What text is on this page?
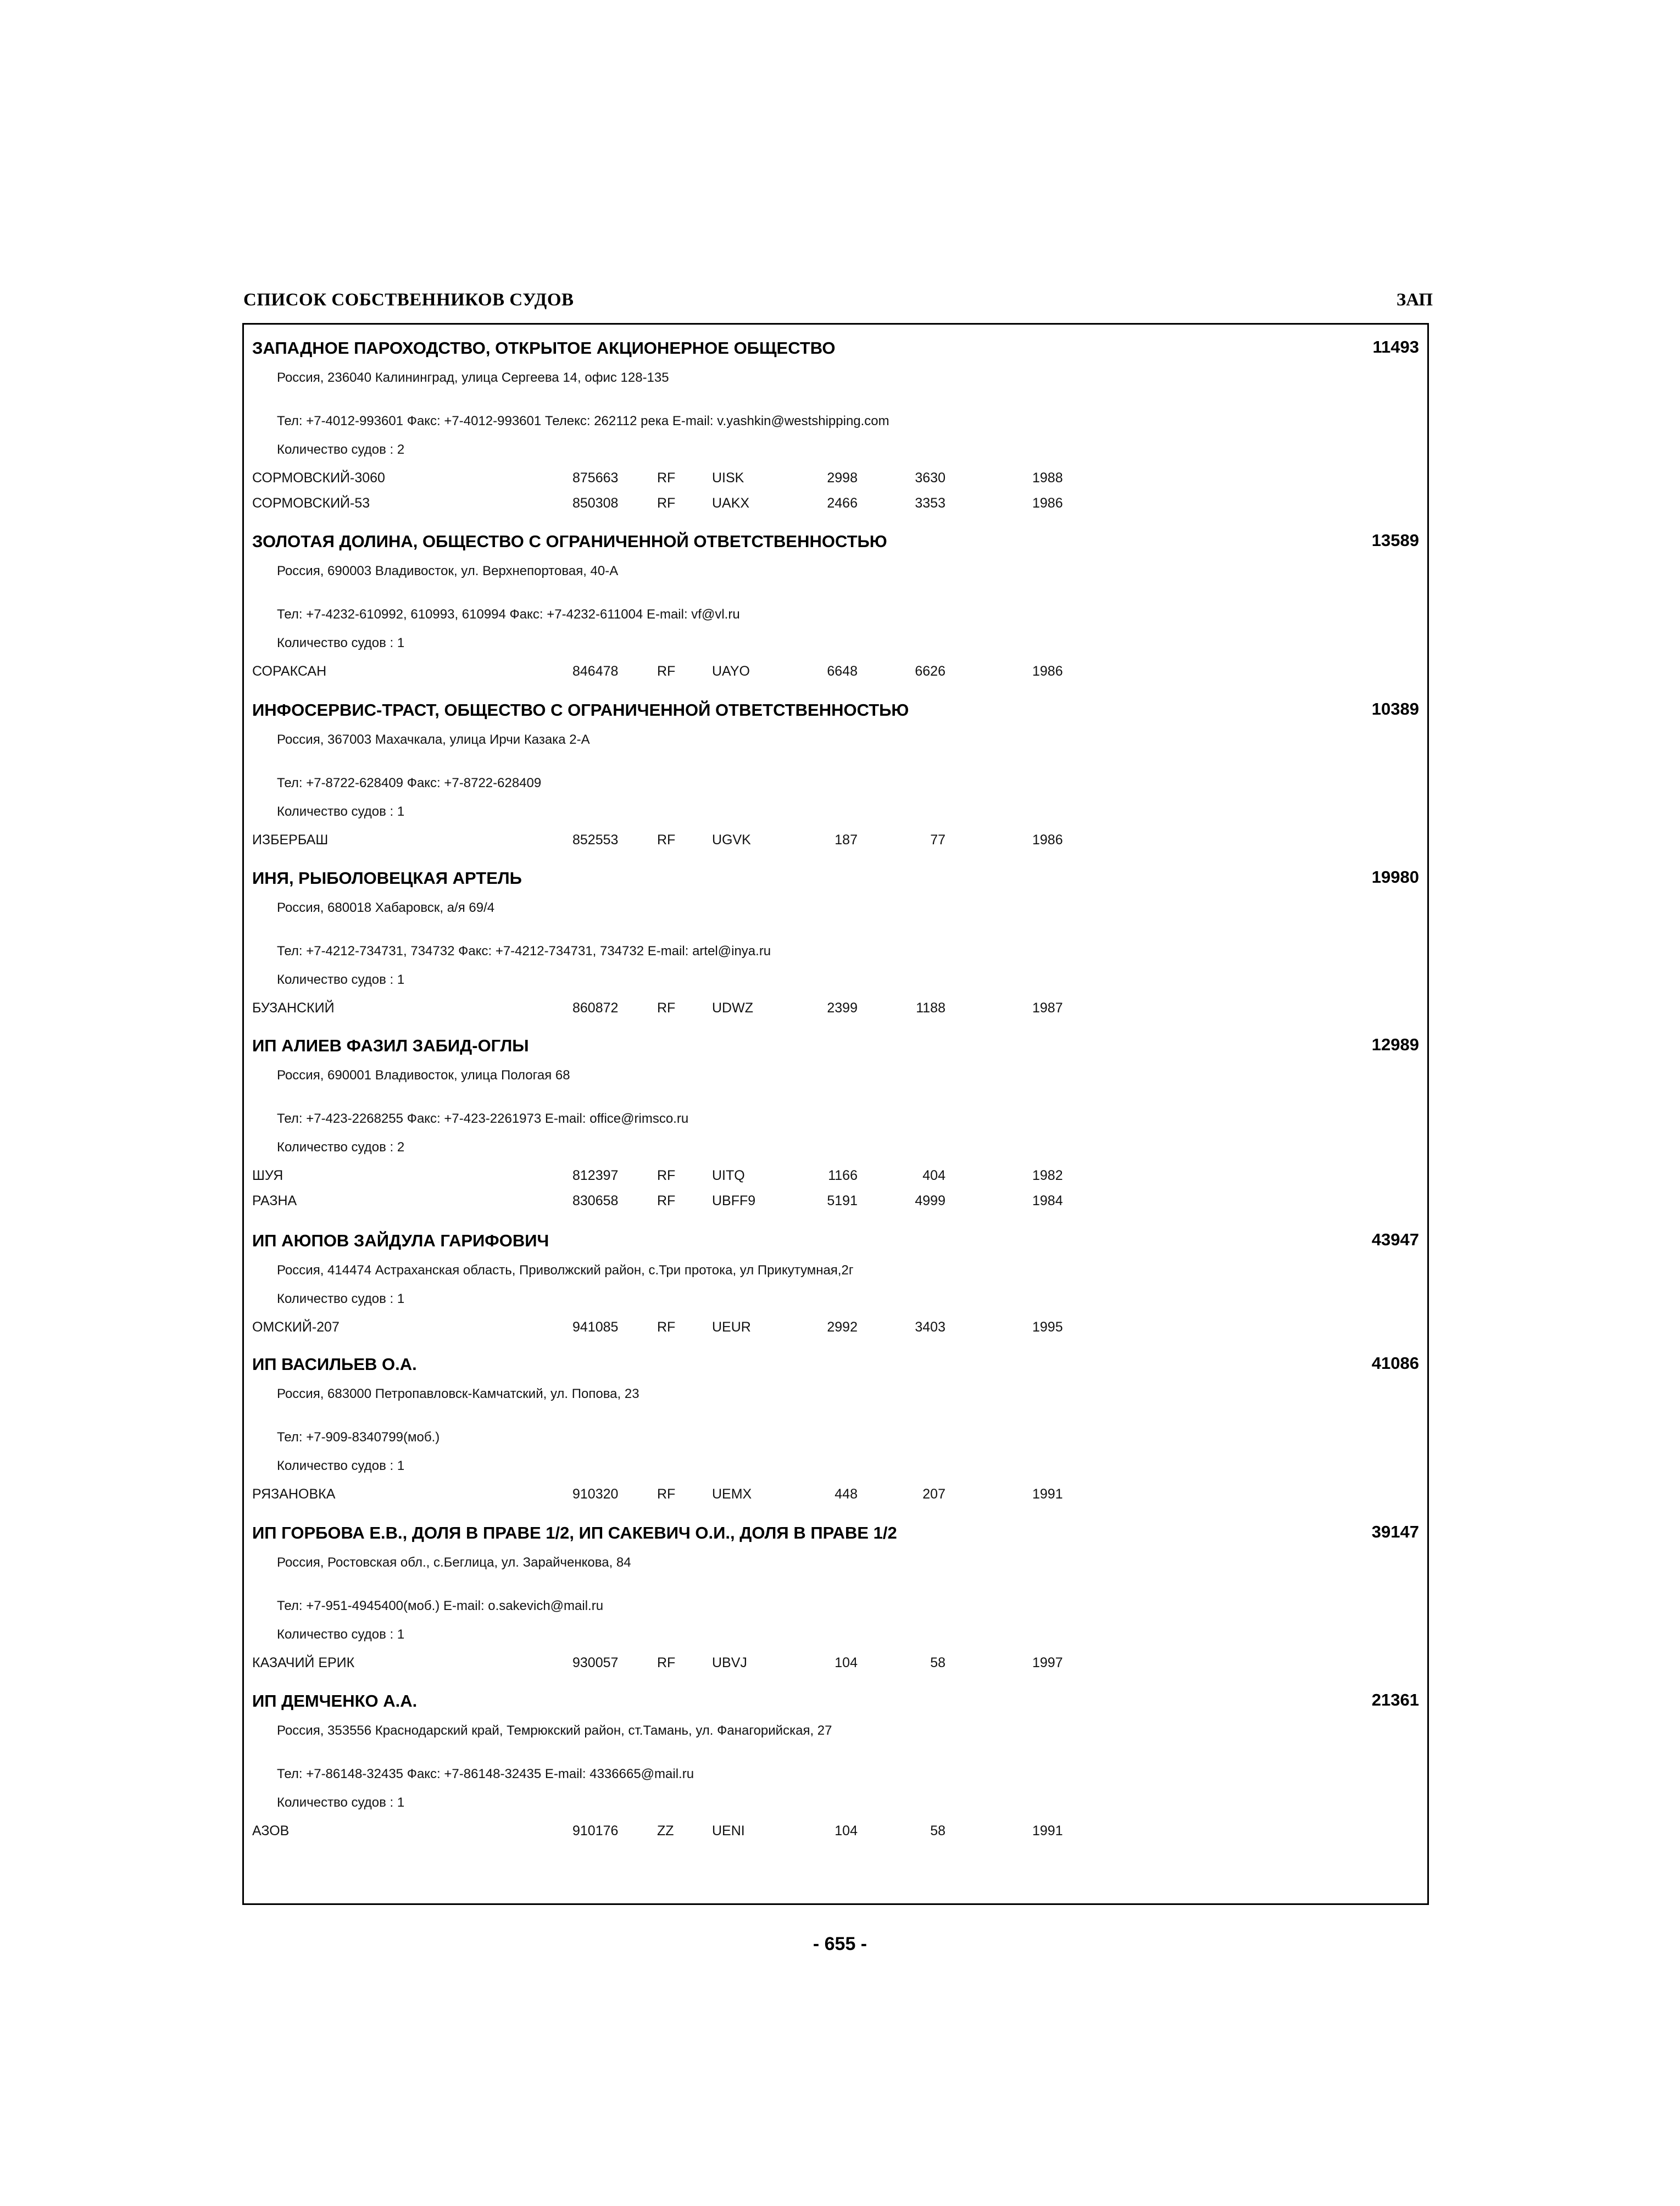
СПИСОК СОБСТВЕННИКОВ СУДОВ	ЗАП
ЗАПАДНОЕ ПАРОХОДСТВО, ОТКРЫТОЕ АКЦИОНЕРНОЕ ОБЩЕСТВО	11493
Россия, 236040 Калининград, улица Сергеева 14, офис 128-135
Тел: +7-4012-993601 Факс: +7-4012-993601 Телекс: 262112 река E-mail: v.yashkin@westshipping.com
Количество судов : 2
СОРМОВСКИЙ-3060	875663	RF	UISK	2998	3630	1988
СОРМОВСКИЙ-53	850308	RF	UAKX	2466	3353	1986
ЗОЛОТАЯ ДОЛИНА, ОБЩЕСТВО С ОГРАНИЧЕННОЙ ОТВЕТСТВЕННОСТЬЮ	13589
Россия, 690003 Владивосток, ул. Верхнепортовая, 40-А
Тел: +7-4232-610992, 610993, 610994 Факс: +7-4232-611004 E-mail: vf@vl.ru
Количество судов : 1
СОРАКСАН	846478	RF	UAYO	6648	6626	1986
ИНФОСЕРВИС-ТРАСТ, ОБЩЕСТВО С ОГРАНИЧЕННОЙ ОТВЕТСТВЕННОСТЬЮ	10389
Россия, 367003 Махачкала, улица Ирчи Казака 2-А
Тел: +7-8722-628409 Факс: +7-8722-628409
Количество судов : 1
ИЗБЕРБАШ	852553	RF	UGVK	187	77	1986
ИНЯ, РЫБОЛОВЕЦКАЯ АРТЕЛЬ	19980
Россия, 680018 Хабаровск, а/я 69/4
Тел: +7-4212-734731, 734732 Факс: +7-4212-734731, 734732 E-mail: artel@inya.ru
Количество судов : 1
БУЗАНСКИЙ	860872	RF	UDWZ	2399	1188	1987
ИП АЛИЕВ ФАЗИЛ ЗАБИД-ОГЛЫ	12989
Россия, 690001 Владивосток, улица Пологая 68
Тел: +7-423-2268255 Факс: +7-423-2261973 E-mail: office@rimsco.ru
Количество судов : 2
ШУЯ	812397	RF	UITQ	1166	404	1982
РАЗНА	830658	RF	UBFF9	5191	4999	1984
ИП АЮПОВ ЗАЙДУЛА ГАРИФОВИЧ	43947
Россия, 414474 Астраханская область, Приволжский район, с.Три протока, ул Прикутумная,2г
Количество судов : 1
ОМСКИЙ-207	941085	RF	UEUR	2992	3403	1995
ИП ВАСИЛЬЕВ О.А.	41086
Россия, 683000 Петропавловск-Камчатский, ул. Попова, 23
Тел: +7-909-8340799(моб.)
Количество судов : 1
РЯЗАНОВКА	910320	RF	UEMX	448	207	1991
ИП ГОРБОВА Е.В., ДОЛЯ В ПРАВЕ 1/2, ИП САКЕВИЧ О.И., ДОЛЯ В ПРАВЕ 1/2	39147
Россия, Ростовская обл., с.Беглица, ул. Зарайченкова, 84
Тел: +7-951-4945400(моб.) E-mail: o.sakevich@mail.ru
Количество судов : 1
КАЗАЧИЙ ЕРИК	930057	RF	UBVJ	104	58	1997
ИП ДЕМЧЕНКО А.А.	21361
Россия, 353556 Краснодарский край, Темрюкский район, ст.Тамань, ул. Фанагорийская, 27
Тел: +7-86148-32435 Факс: +7-86148-32435 E-mail: 4336665@mail.ru
Количество судов : 1
АЗОВ	910176	ZZ	UENI	104	58	1991
- 655 -
